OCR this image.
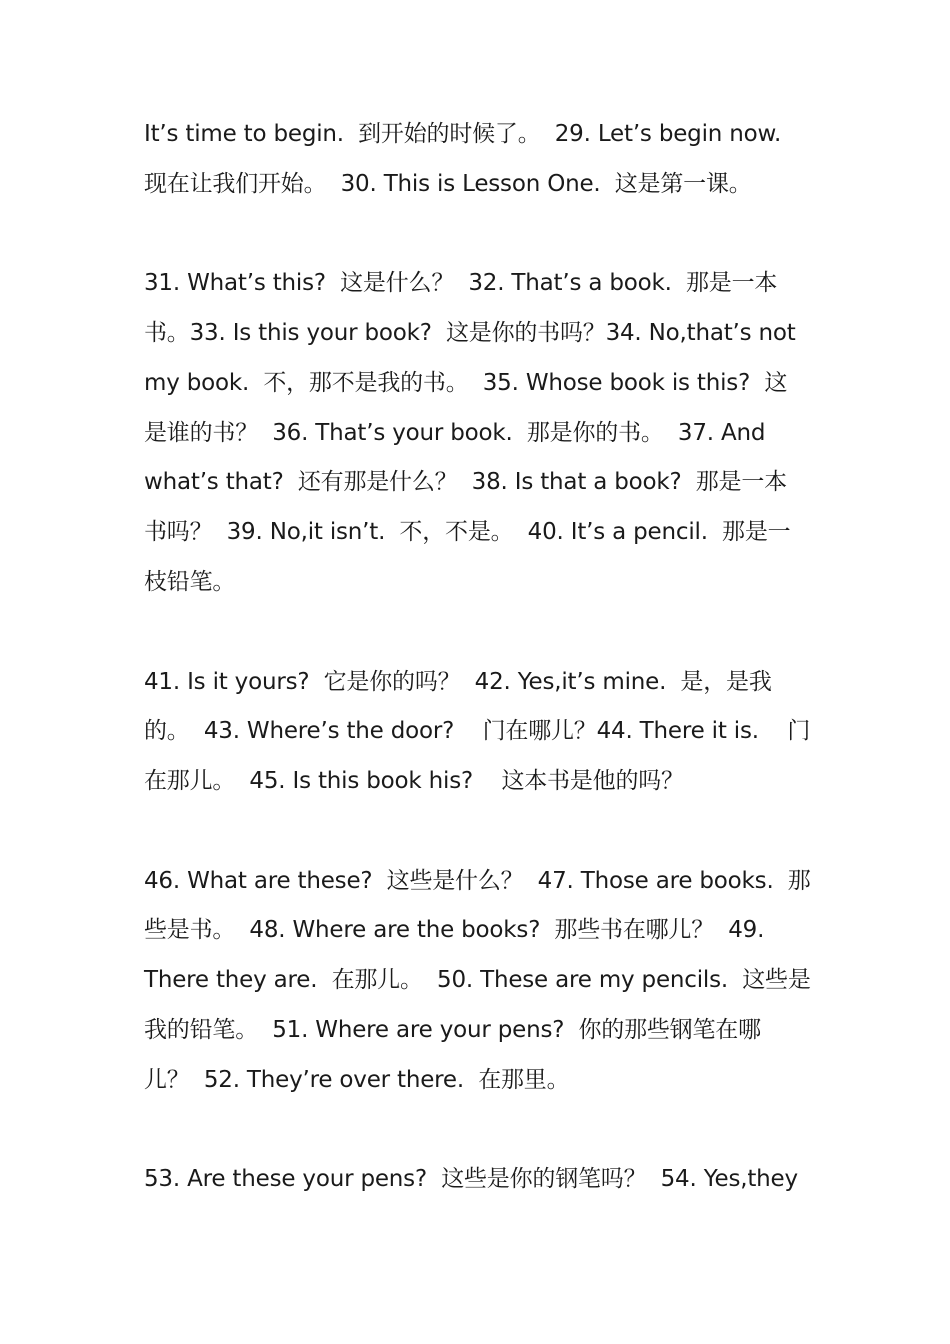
It’s time to begin.  到开始的时候了。  29. Let’s begin now.
现在让我们开始。  30. This is Lesson One.  这是第一课。
31. What’s this?  这是什么？  32. That’s a book.  那是一本
书。33. Is this your book?  这是你的书吗？34. No,that’s not
my book.  不，那不是我的书。  35. Whose book is this?  这
是谁的书？  36. That’s your book.  那是你的书。  37. And
what’s that?  还有那是什么？  38. Is that a book?  那是一本
书吗？  39. No,it isn’t.  不，不是。  40. It’s a pencil.  那是一
枝铅笔。
41. Is it yours?  它是你的吗？  42. Yes,it’s mine.  是，是我
的。  43. Where’s the door?    门在哪儿？44. There it is.    门
在那儿。  45. Is this book his?    这本书是他的吗？
46. What are these?  这些是什么？  47. Those are books.  那
些是书。  48. Where are the books?  那些书在哪儿？  49.
There they are.  在那儿。  50. These are my pencils.  这些是
我的铅笔。  51. Where are your pens?  你的那些钢笔在哪
儿？  52. They’re over there.  在那里。
53. Are these your pens?  这些是你的钢笔吗？  54. Yes,they
